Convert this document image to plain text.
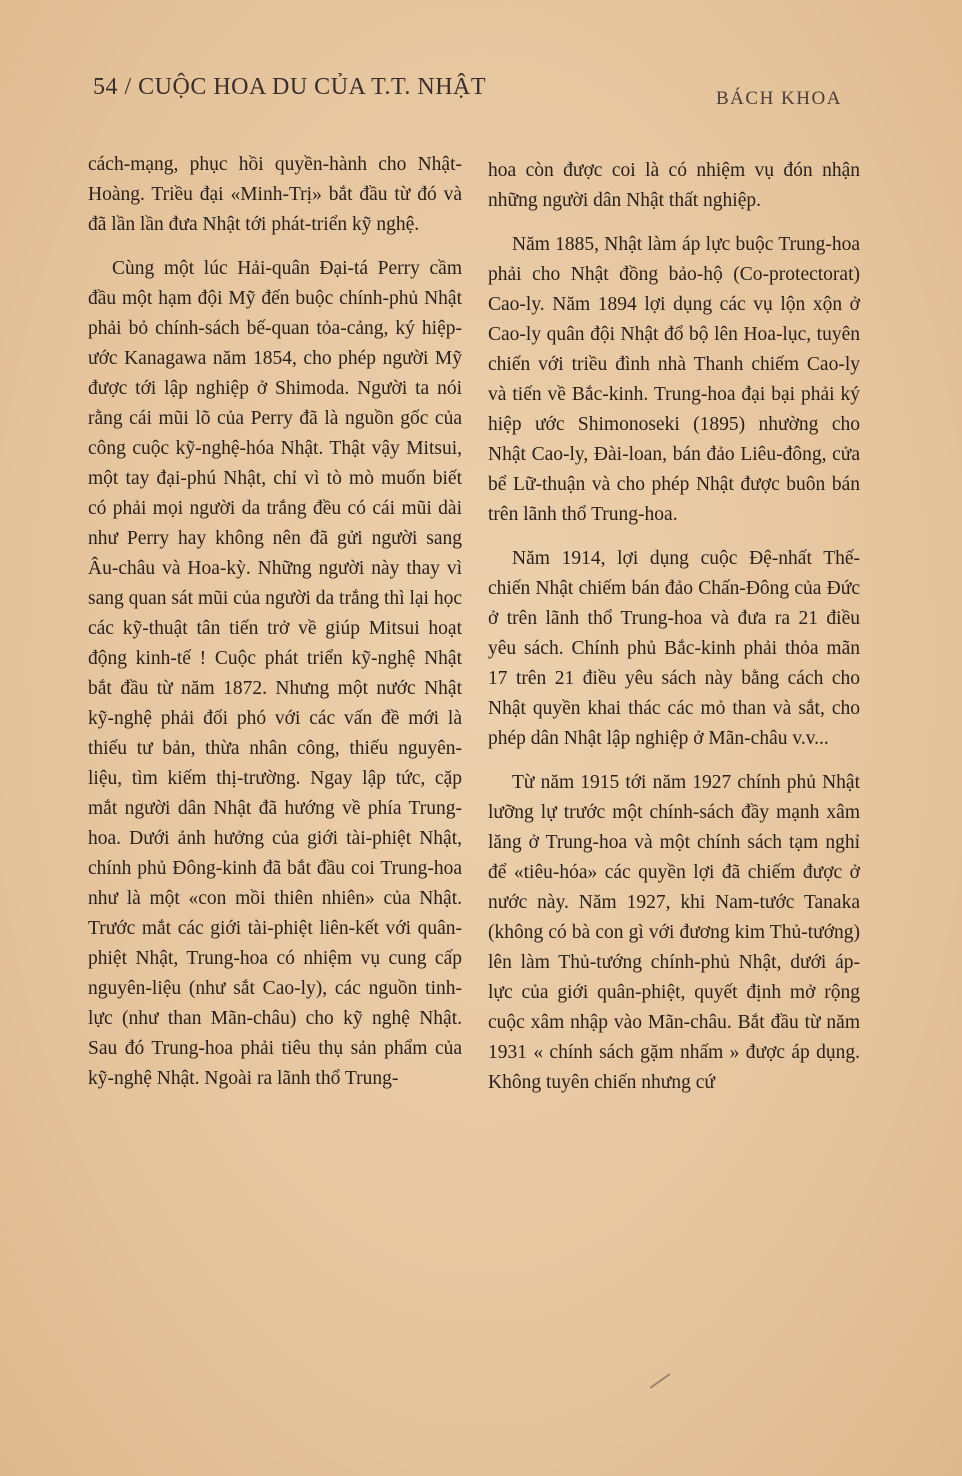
54 / CUỘC HOA DU CỦA T.T. NHẬT	BÁCH KHOA

cách-mạng, phục hồi quyền-hành cho Nhật-Hoàng. Triều đại «Minh-Trị» bắt đầu từ đó và đã lần lần đưa Nhật tới phát-triển kỹ nghệ.

Cùng một lúc Hải-quân Đại-tá Perry cầm đầu một hạm đội Mỹ đến buộc chính-phủ Nhật phải bỏ chính-sách bế-quan tỏa-cảng, ký hiệp-ước Kanagawa năm 1854, cho phép người Mỹ được tới lập nghiệp ở Shimoda. Người ta nói rằng cái mũi lõ của Perry đã là nguồn gốc của công cuộc kỹ-nghệ-hóa Nhật. Thật vậy Mitsui, một tay đại-phú Nhật, chỉ vì tò mò muốn biết có phải mọi người da trắng đều có cái mũi dài như Perry hay không nên đã gửi người sang Âu-châu và Hoa-kỳ. Những người này thay vì sang quan sát mũi của người da trắng thì lại học các kỹ-thuật tân tiến trở về giúp Mitsui hoạt động kinh-tế ! Cuộc phát triển kỹ-nghệ Nhật bắt đầu từ năm 1872. Nhưng một nước Nhật kỹ-nghệ phải đối phó với các vấn đề mới là thiếu tư bản, thừa nhân công, thiếu nguyên-liệu, tìm kiếm thị-trường. Ngay lập tức, cặp mắt người dân Nhật đã hướng về phía Trung-hoa. Dưới ảnh hưởng của giới tài-phiệt Nhật, chính phủ Đông-kinh đã bắt đầu coi Trung-hoa như là một «con mồi thiên nhiên» của Nhật. Trước mắt các giới tài-phiệt liên-kết với quân-phiệt Nhật, Trung-hoa có nhiệm vụ cung cấp nguyên-liệu (như sắt Cao-ly), các nguồn tinh-lực (như than Mãn-châu) cho kỹ nghệ Nhật. Sau đó Trung-hoa phải tiêu thụ sản phẩm của kỹ-nghệ Nhật. Ngoài ra lãnh thổ Trung-

hoa còn được coi là có nhiệm vụ đón nhận những người dân Nhật thất nghiệp.

Năm 1885, Nhật làm áp lực buộc Trung-hoa phải cho Nhật đồng bảo-hộ (Co-protectorat) Cao-ly. Năm 1894 lợi dụng các vụ lộn xộn ở Cao-ly quân đội Nhật đổ bộ lên Hoa-lục, tuyên chiến với triều đình nhà Thanh chiếm Cao-ly và tiến về Bắc-kinh. Trung-hoa đại bại phải ký hiệp ước Shimonoseki (1895) nhường cho Nhật Cao-ly, Đài-loan, bán đảo Liêu-đông, cửa bể Lữ-thuận và cho phép Nhật được buôn bán trên lãnh thổ Trung-hoa.

Năm 1914, lợi dụng cuộc Đệ-nhất Thế-chiến Nhật chiếm bán đảo Chấn-Đông của Đức ở trên lãnh thổ Trung-hoa và đưa ra 21 điều yêu sách. Chính phủ Bắc-kinh phải thỏa mãn 17 trên 21 điều yêu sách này bằng cách cho Nhật quyền khai thác các mỏ than và sắt, cho phép dân Nhật lập nghiệp ở Mãn-châu v.v...

Từ năm 1915 tới năm 1927 chính phủ Nhật lưỡng lự trước một chính-sách đầy mạnh xâm lăng ở Trung-hoa và một chính sách tạm nghỉ để «tiêu-hóa» các quyền lợi đã chiếm được ở nước này. Năm 1927, khi Nam-tước Tanaka (không có bà con gì với đương kim Thủ-tướng) lên làm Thủ-tướng chính-phủ Nhật, dưới áp-lực của giới quân-phiệt, quyết định mở rộng cuộc xâm nhập vào Mãn-châu. Bắt đầu từ năm 1931 « chính sách gặm nhấm » được áp dụng. Không tuyên chiến nhưng cứ
